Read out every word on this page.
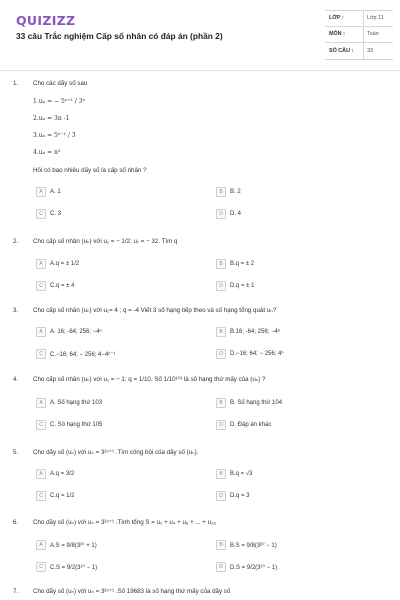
QUIZIZZ
33 câu Trắc nghiệm Cấp số nhân có đáp án (phần 2)
LỚP :	Lớp 11
MÔN :	Toán
SỐ CÂU :	33
1. Cho các dãy số sau
1.uₙ = − 5ⁿ⁺¹ / 3ⁿ
2.uₙ = 3n -1
3.uₙ = 5ⁿ⁻¹ / 3
4.uₙ = n³
Hỏi có bao nhiêu dãy số là cấp số nhân ?
A	A. 1	B	B. 2
C	C. 3	D	D. 4
2. Cho cấp số nhân (uₙ) với u₁ = − 1/2; u₇ = − 32. Tìm q
A	A.q = ± 1/2	B	B.q = ± 2
C	C.q = ± 4	D	D.q = ± 1
3. Cho cấp số nhân (uₙ) với u₁= 4 ; q = -4 Viết 3 số hạng tiếp theo và số hạng tổng quát uₙ?
A	A. 16; -64; 256; −4ⁿ	B	B.16; -64; 256; −4ⁿ
C	C.−16; 64; − 256; 4−4ⁿ⁻¹	D	D.−16; 64; − 256; 4ⁿ
4. Cho cấp số nhân (uₙ) với u₁ = − 1; q = 1/10. Số 1/10¹⁰³ là số hạng thứ mấy của (uₙ) ?
A	A. Số hạng thứ 103	B	B. Số hạng thứ 104
C	C. Số hạng thứ 105	D	D. Đáp án khác
5. Cho dãy số (uₙ) với uₙ = 3²ⁿ⁺¹ .Tìm công bội của dãy số (uₙ).
A	A.q = 3/2	B	B.q = √3
C	C.q = 1/2	D	D.q = 3
6. Cho dãy số (uₙ) với uₙ = 3²ⁿ⁺¹ .Tính tổng S = u₂ + u₄ + u₆ + ... + u₂₀
A	A.S = 9/8(3²⁰ + 1)	B	B.S = 9/8(3²⁰ − 1)
C	C.S = 9/2(3¹⁰ − 1)	D	D.S = 9/2(3¹⁰ − 1)
7. Cho dãy số (uₙ) với uₙ = 3²ⁿ⁺¹ .Số 19683 là số hạng thứ mấy của dãy số
